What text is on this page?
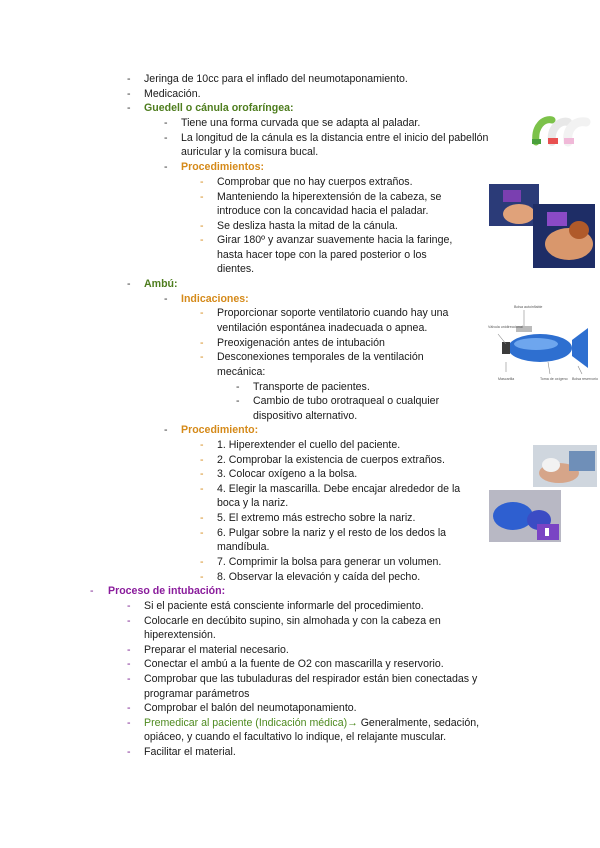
-
-
-
-
-
-
-
-
-
-
-
-
-
-
-
-
-
-
-
-
-
-
-
-
-
-
-
-
-
-
-
-
-
-
-
Jeringa de 10cc para el inflado del neumotaponamiento.
Medicación.
Guedell o cánula orofaríngea:
Tiene una forma curvada que se adapta al paladar.
La longitud de la cánula es la distancia entre el inicio del pabellón
auricular y la comisura bucal.
Procedimientos:
Comprobar que no hay cuerpos extraños.
Manteniendo la hiperextensión de la cabeza, se
introduce con la concavidad hacia el paladar.
Se desliza hasta la mitad de la cánula.
Girar 180º y avanzar suavemente hacia la faringe,
hasta hacer tope con la pared posterior o los
dientes.
Ambú:
Indicaciones:
Proporcionar soporte ventilatorio cuando hay una
ventilación espontánea inadecuada o apnea.
Preoxigenación antes de intubación
Desconexiones temporales de la ventilación
mecánica:
Transporte de pacientes.
Cambio de tubo orotraqueal o cualquier
dispositivo alternativo.
Procedimiento:
1. Hiperextender el cuello del paciente.
2. Comprobar la existencia de cuerpos extraños.
3. Colocar oxígeno a la bolsa.
4. Elegir la mascarilla. Debe encajar alrededor de la
boca y la nariz.
5. El extremo más estrecho sobre la nariz.
6. Pulgar sobre la nariz y el resto de los dedos la
mandíbula.
7. Comprimir la bolsa para generar un volumen.
8. Observar la elevación y caída del pecho.
Proceso de intubación:
Si el paciente está consciente informarle del procedimiento.
Colocarle en decúbito supino, sin almohada y con la cabeza en
hiperextensión.
Preparar el material necesario.
Conectar el ambú a la fuente de O2 con mascarilla y reservorio.
Comprobar que las tubuladuras del respirador están bien conectadas y
programar parámetros
Comprobar el balón del neumotaponamiento.
Premedicar al paciente (Indicación médica)→ Generalmente, sedación,
opiáceo, y cuando el facultativo lo indique, el relajante muscular.
Facilitar el material.
Bolsa autoinflable
Válvula unidireccional
Mascarilla	Toma de oxígeno Bolsa reservorio
